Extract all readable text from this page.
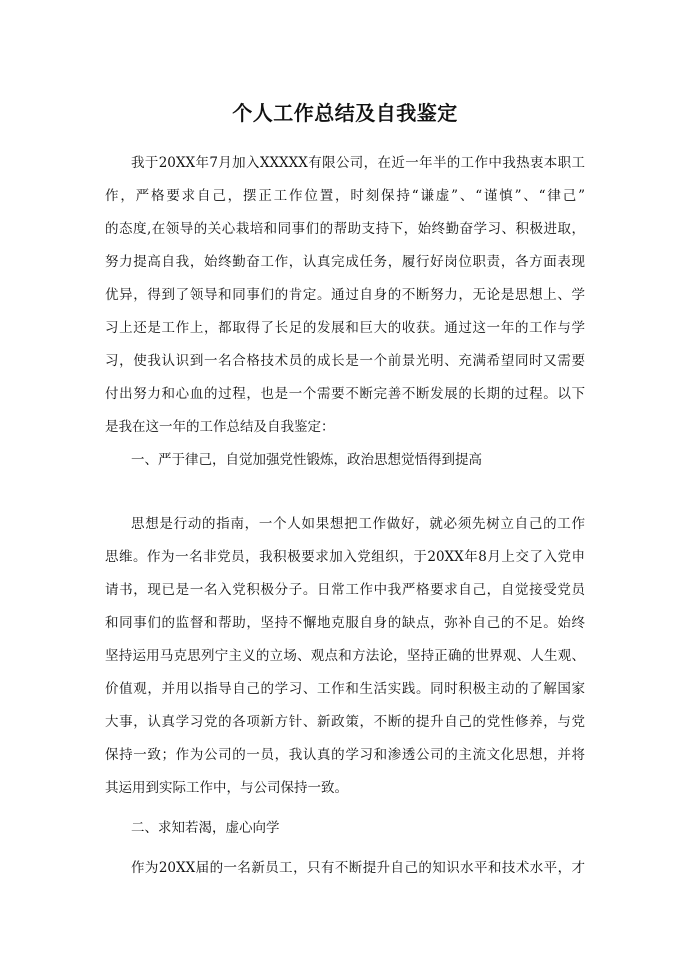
个人工作总结及自我鉴定
我于20XX年7月加入XXXXX有限公司，在近一年半的工作中我热衷本职工
作，严格要求自己，摆正工作位置，时刻保持“谦虚”、“谨慎”、“律己”
的态度,在领导的关心栽培和同事们的帮助支持下，始终勤奋学习、积极进取，
努力提高自我，始终勤奋工作，认真完成任务，履行好岗位职责，各方面表现
优异，得到了领导和同事们的肯定。通过自身的不断努力，无论是思想上、学
习上还是工作上，都取得了长足的发展和巨大的收获。通过这一年的工作与学
习，使我认识到一名合格技术员的成长是一个前景光明、充满希望同时又需要
付出努力和心血的过程，也是一个需要不断完善不断发展的长期的过程。以下
是我在这一年的工作总结及自我鉴定：
一、严于律己，自觉加强党性锻炼，政治思想觉悟得到提高
思想是行动的指南，一个人如果想把工作做好，就必须先树立自己的工作
思维。作为一名非党员，我积极要求加入党组织，于20XX年8月上交了入党申
请书，现已是一名入党积极分子。日常工作中我严格要求自己，自觉接受党员
和同事们的监督和帮助，坚持不懈地克服自身的缺点，弥补自己的不足。始终
坚持运用马克思列宁主义的立场、观点和方法论，坚持正确的世界观、人生观、
价值观，并用以指导自己的学习、工作和生活实践。同时积极主动的了解国家
大事，认真学习党的各项新方针、新政策，不断的提升自己的党性修养，与党
保持一致；作为公司的一员，我认真的学习和渗透公司的主流文化思想，并将
其运用到实际工作中，与公司保持一致。
二、求知若渴，虚心向学
作为20XX届的一名新员工，只有不断提升自己的知识水平和技术水平，才
